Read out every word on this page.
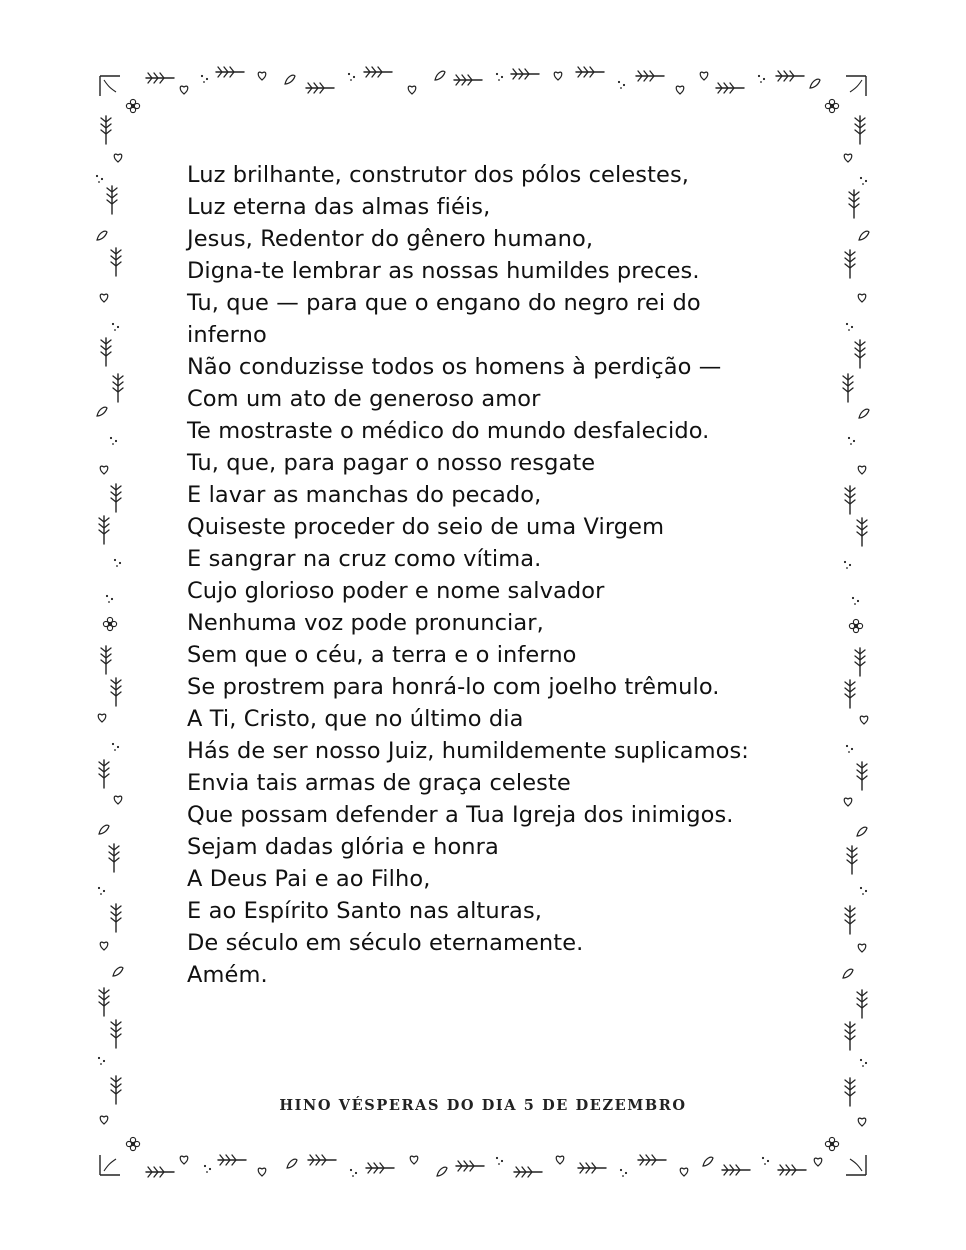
Luz brilhante, construtor dos pólos celestes,
Luz eterna das almas fiéis,
Jesus, Redentor do gênero humano,
Digna-te lembrar as nossas humildes preces.
Tu, que — para que o engano do negro rei do
inferno
Não conduzisse todos os homens à perdição —
Com um ato de generoso amor
Te mostraste o médico do mundo desfalecido.
Tu, que, para pagar o nosso resgate
E lavar as manchas do pecado,
Quiseste proceder do seio de uma Virgem
E sangrar na cruz como vítima.
Cujo glorioso poder e nome salvador
Nenhuma voz pode pronunciar,
Sem que o céu, a terra e o inferno
Se prostrem para honrá-lo com joelho trêmulo.
A Ti, Cristo, que no último dia
Hás de ser nosso Juiz, humildemente suplicamos:
Envia tais armas de graça celeste
Que possam defender a Tua Igreja dos inimigos.
Sejam dadas glória e honra
A Deus Pai e ao Filho,
E ao Espírito Santo nas alturas,
De século em século eternamente.
Amém.
HINO VÉSPERAS DO DIA 5 DE DEZEMBRO
